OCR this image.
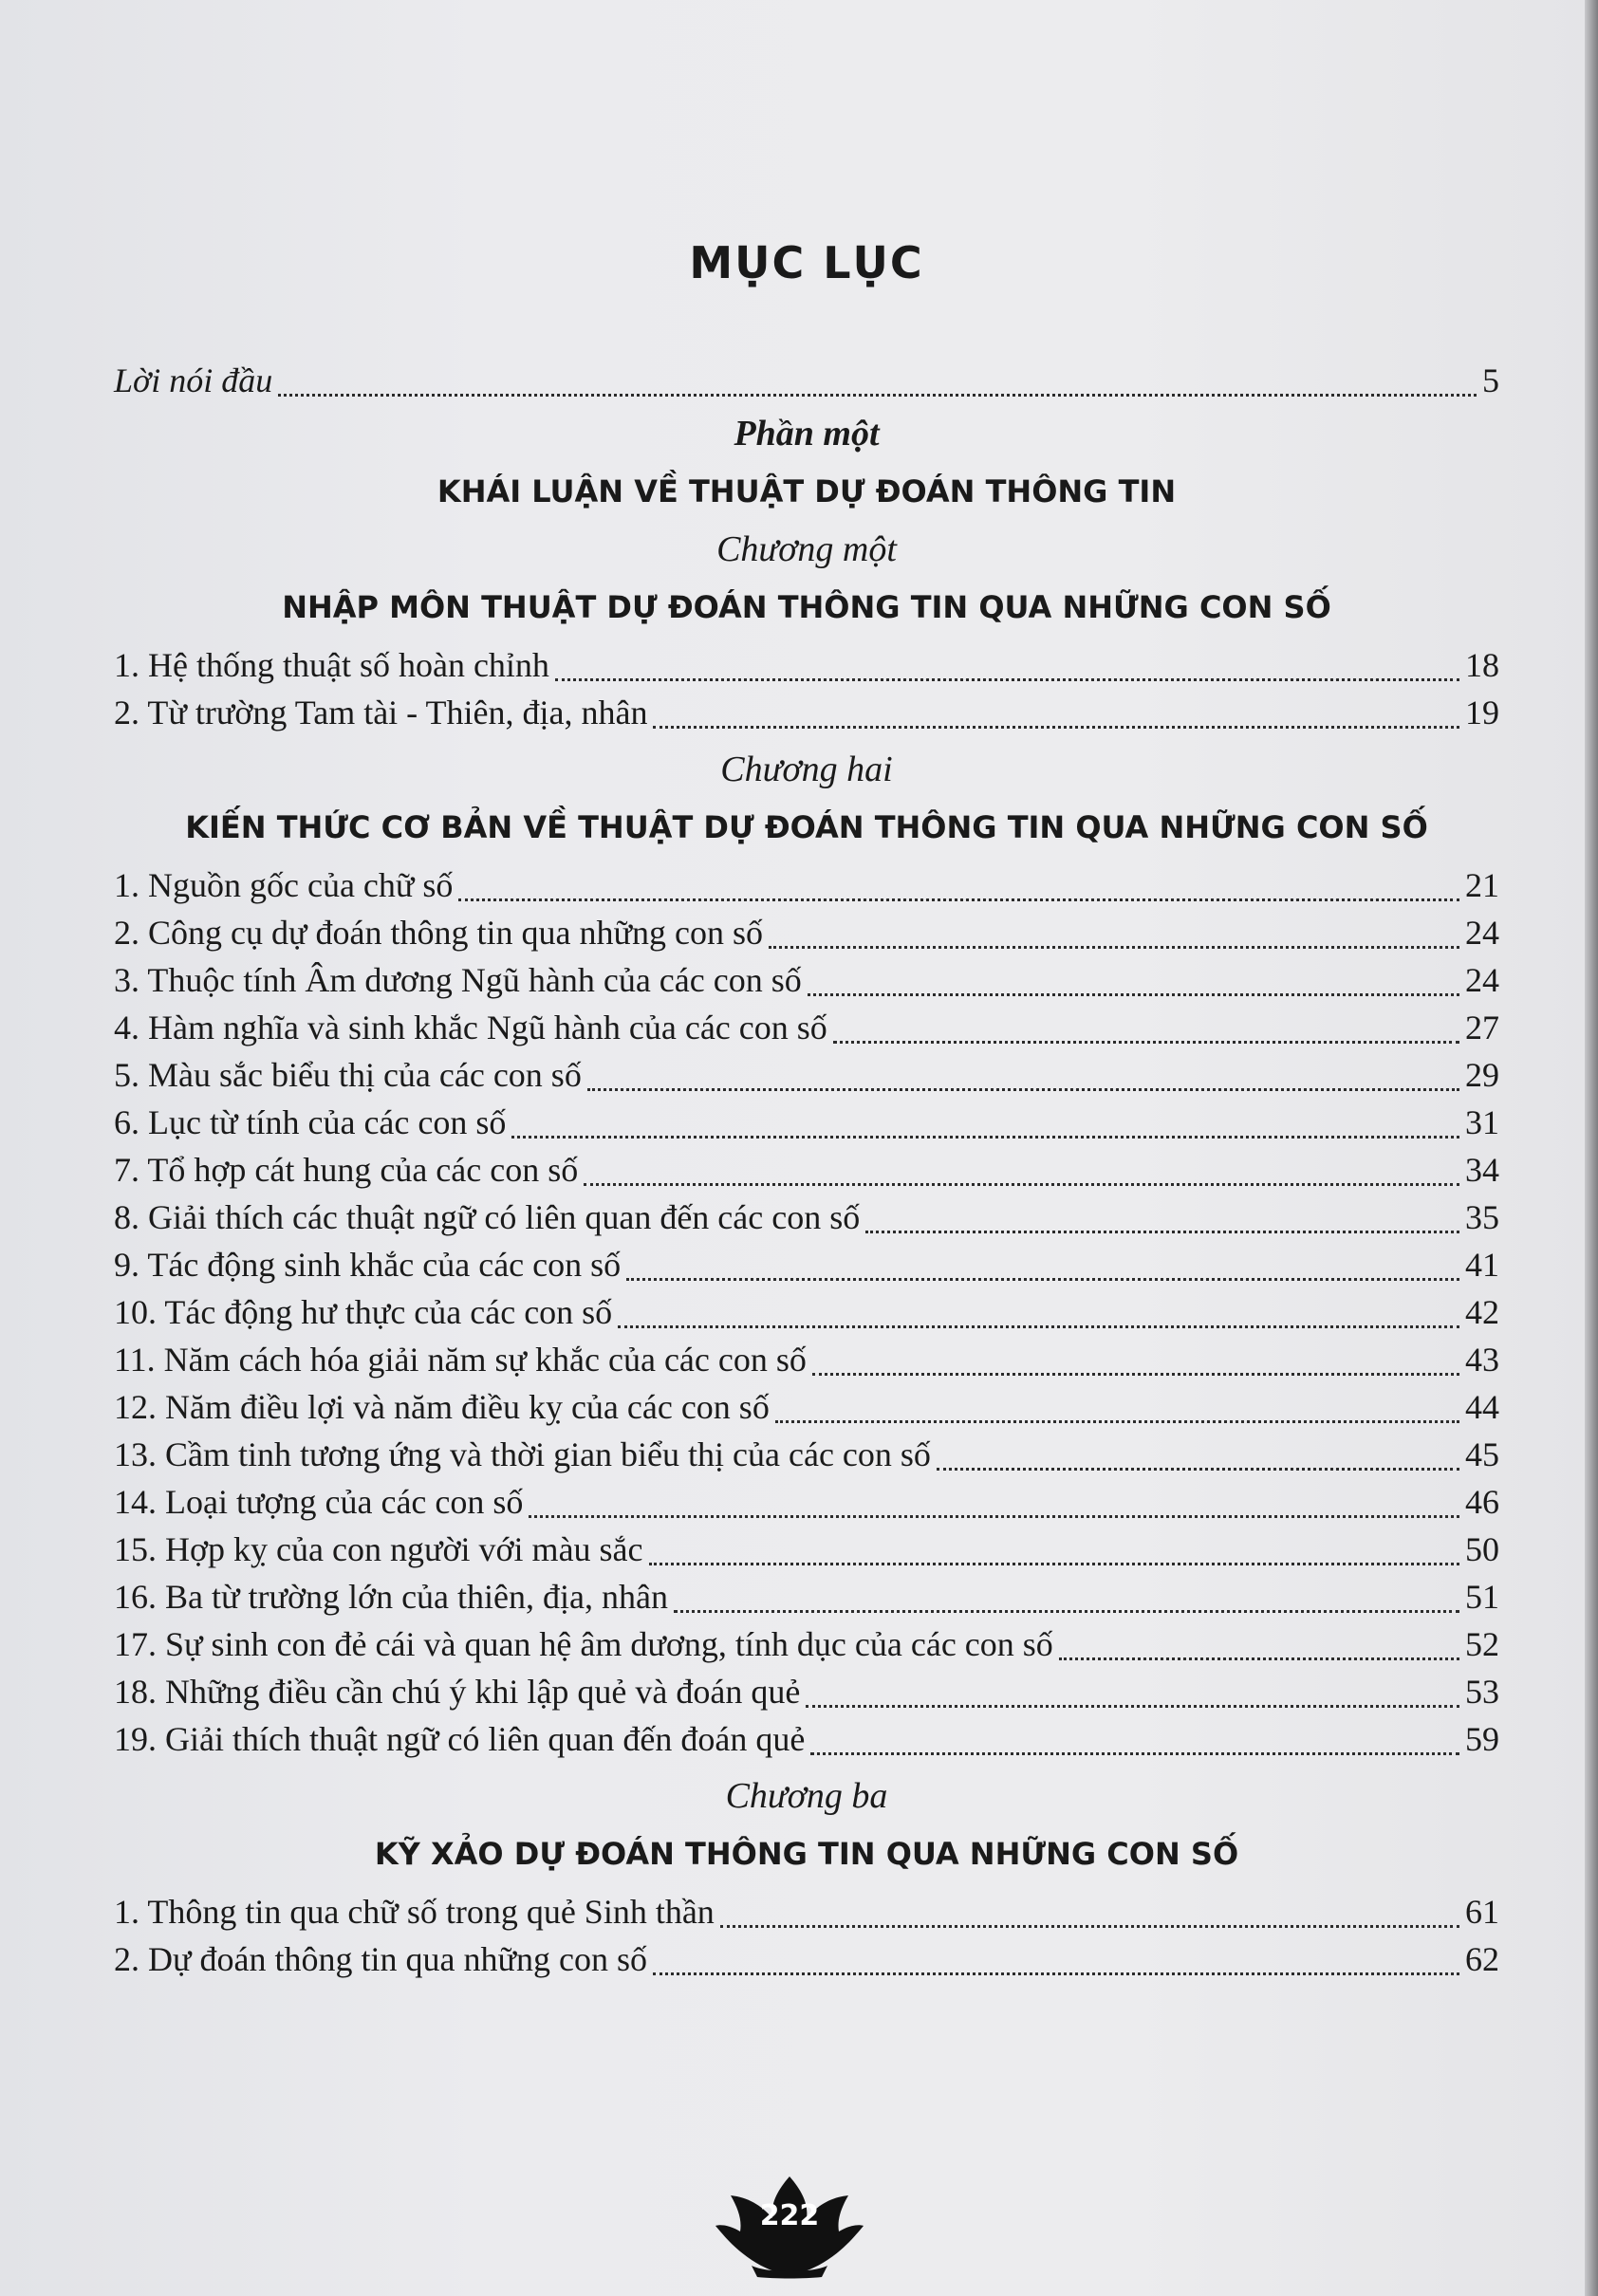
MỤC LỤC
Lời nói đầu	5
Phần một
KHÁI LUẬN VỀ THUẬT DỰ ĐOÁN THÔNG TIN
Chương một
NHẬP MÔN THUẬT DỰ ĐOÁN THÔNG TIN QUA NHỮNG CON SỐ
1. Hệ thống thuật số hoàn chỉnh	18
2. Từ trường Tam tài - Thiên, địa, nhân	19
Chương hai
KIẾN THỨC CƠ BẢN VỀ THUẬT DỰ ĐOÁN THÔNG TIN QUA NHỮNG CON SỐ
1. Nguồn gốc của chữ số	21
2. Công cụ dự đoán thông tin qua những con số	24
3. Thuộc tính Âm dương Ngũ hành của các con số	24
4. Hàm nghĩa và sinh khắc Ngũ hành của các con số	27
5. Màu sắc biểu thị của các con số	29
6. Lục từ tính của các con số	31
7. Tổ hợp cát hung của các con số	34
8. Giải thích các thuật ngữ có liên quan đến các con số	35
9. Tác động sinh khắc của các con số	41
10. Tác động hư thực của các con số	42
11. Năm cách hóa giải năm sự khắc của các con số	43
12. Năm điều lợi và năm điều kỵ của các con số	44
13. Cầm tinh tương ứng và thời gian biểu thị của các con số	45
14. Loại tượng của các con số	46
15. Hợp kỵ của con người với màu sắc	50
16. Ba từ trường lớn của thiên, địa, nhân	51
17. Sự sinh con đẻ cái và quan hệ âm dương, tính dục của các con số	52
18. Những điều cần chú ý khi lập quẻ và đoán quẻ	53
19. Giải thích thuật ngữ có liên quan đến đoán quẻ	59
Chương ba
KỸ XẢO DỰ ĐOÁN THÔNG TIN QUA NHỮNG CON SỐ
1. Thông tin qua chữ số trong quẻ Sinh thần	61
2. Dự đoán thông tin qua những con số	62
222
